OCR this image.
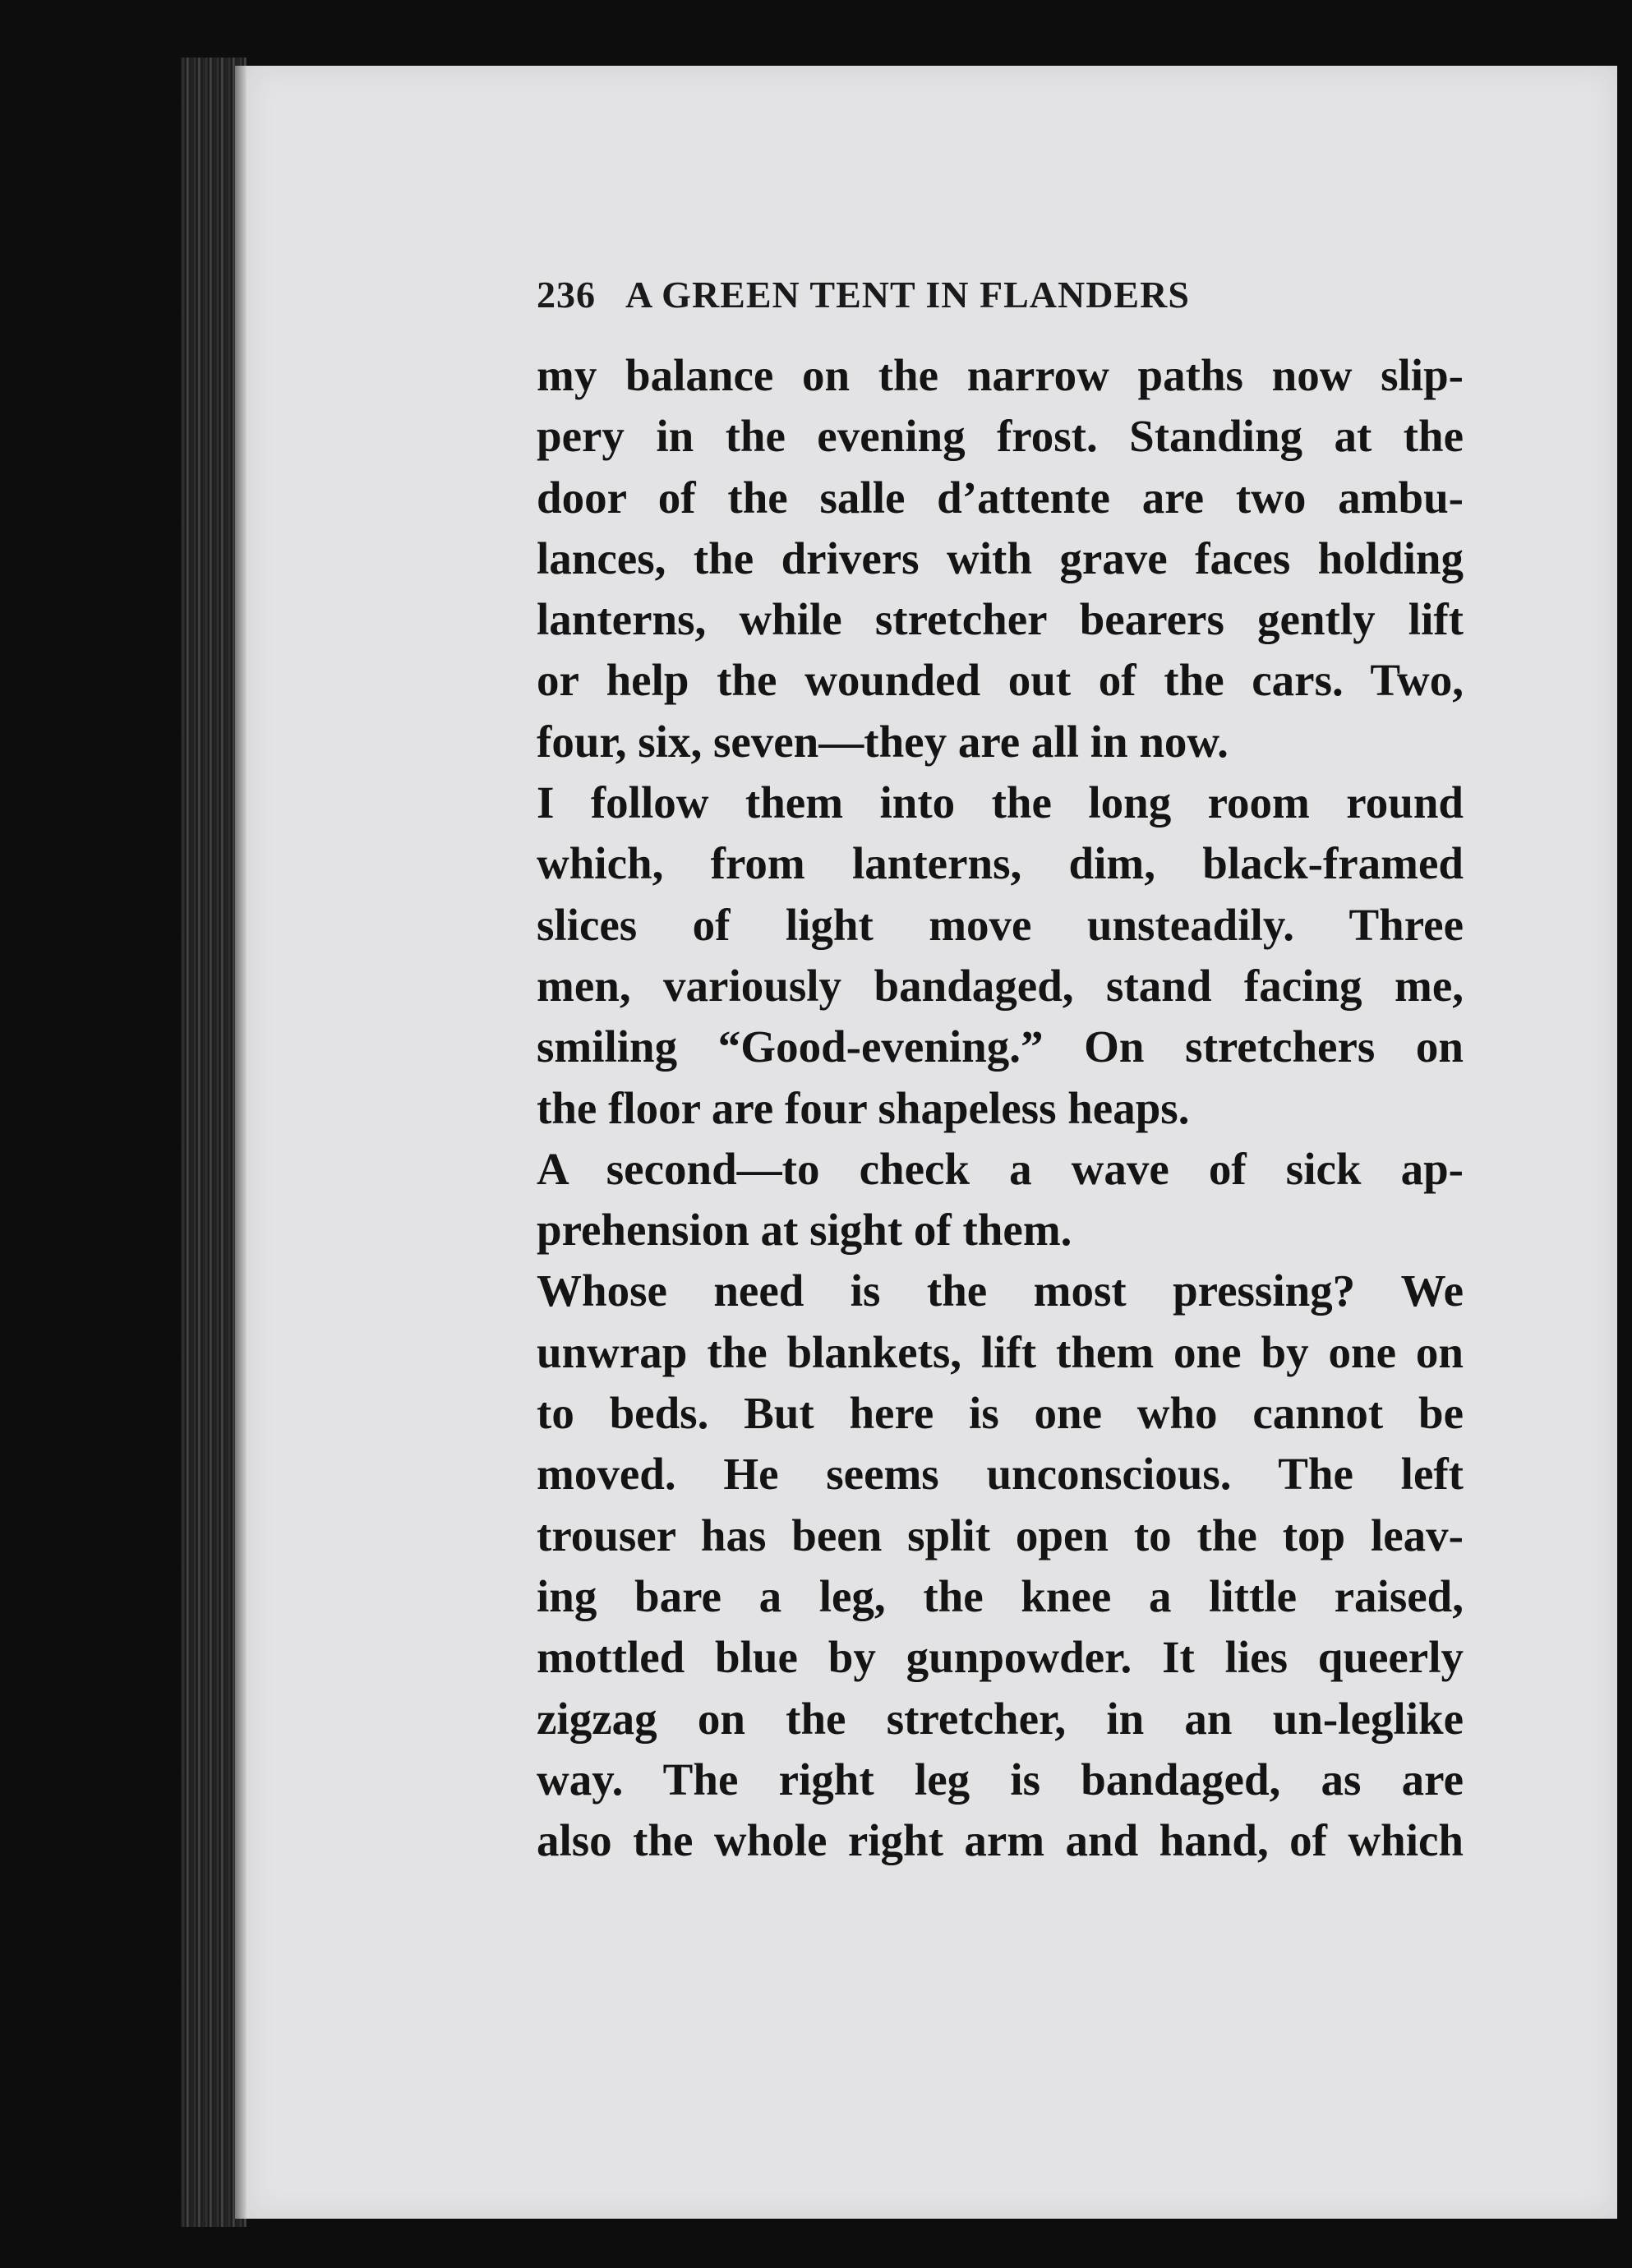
236 A GREEN TENT IN FLANDERS
my balance on the narrow paths now slip-
pery in the evening frost. Standing at the
door of the salle d’attente are two ambu-
lances, the drivers with grave faces holding
lanterns, while stretcher bearers gently lift
or help the wounded out of the cars. Two,
four, six, seven—they are all in now.
I follow them into the long room round
which, from lanterns, dim, black-framed
slices of light move unsteadily. Three
men, variously bandaged, stand facing me,
smiling “Good-evening.” On stretchers on
the floor are four shapeless heaps.
A second—to check a wave of sick ap-
prehension at sight of them.
Whose need is the most pressing? We
unwrap the blankets, lift them one by one on
to beds. But here is one who cannot be
moved. He seems unconscious. The left
trouser has been split open to the top leav-
ing bare a leg, the knee a little raised,
mottled blue by gunpowder. It lies queerly
zigzag on the stretcher, in an un-leglike
way. The right leg is bandaged, as are
also the whole right arm and hand, of which
